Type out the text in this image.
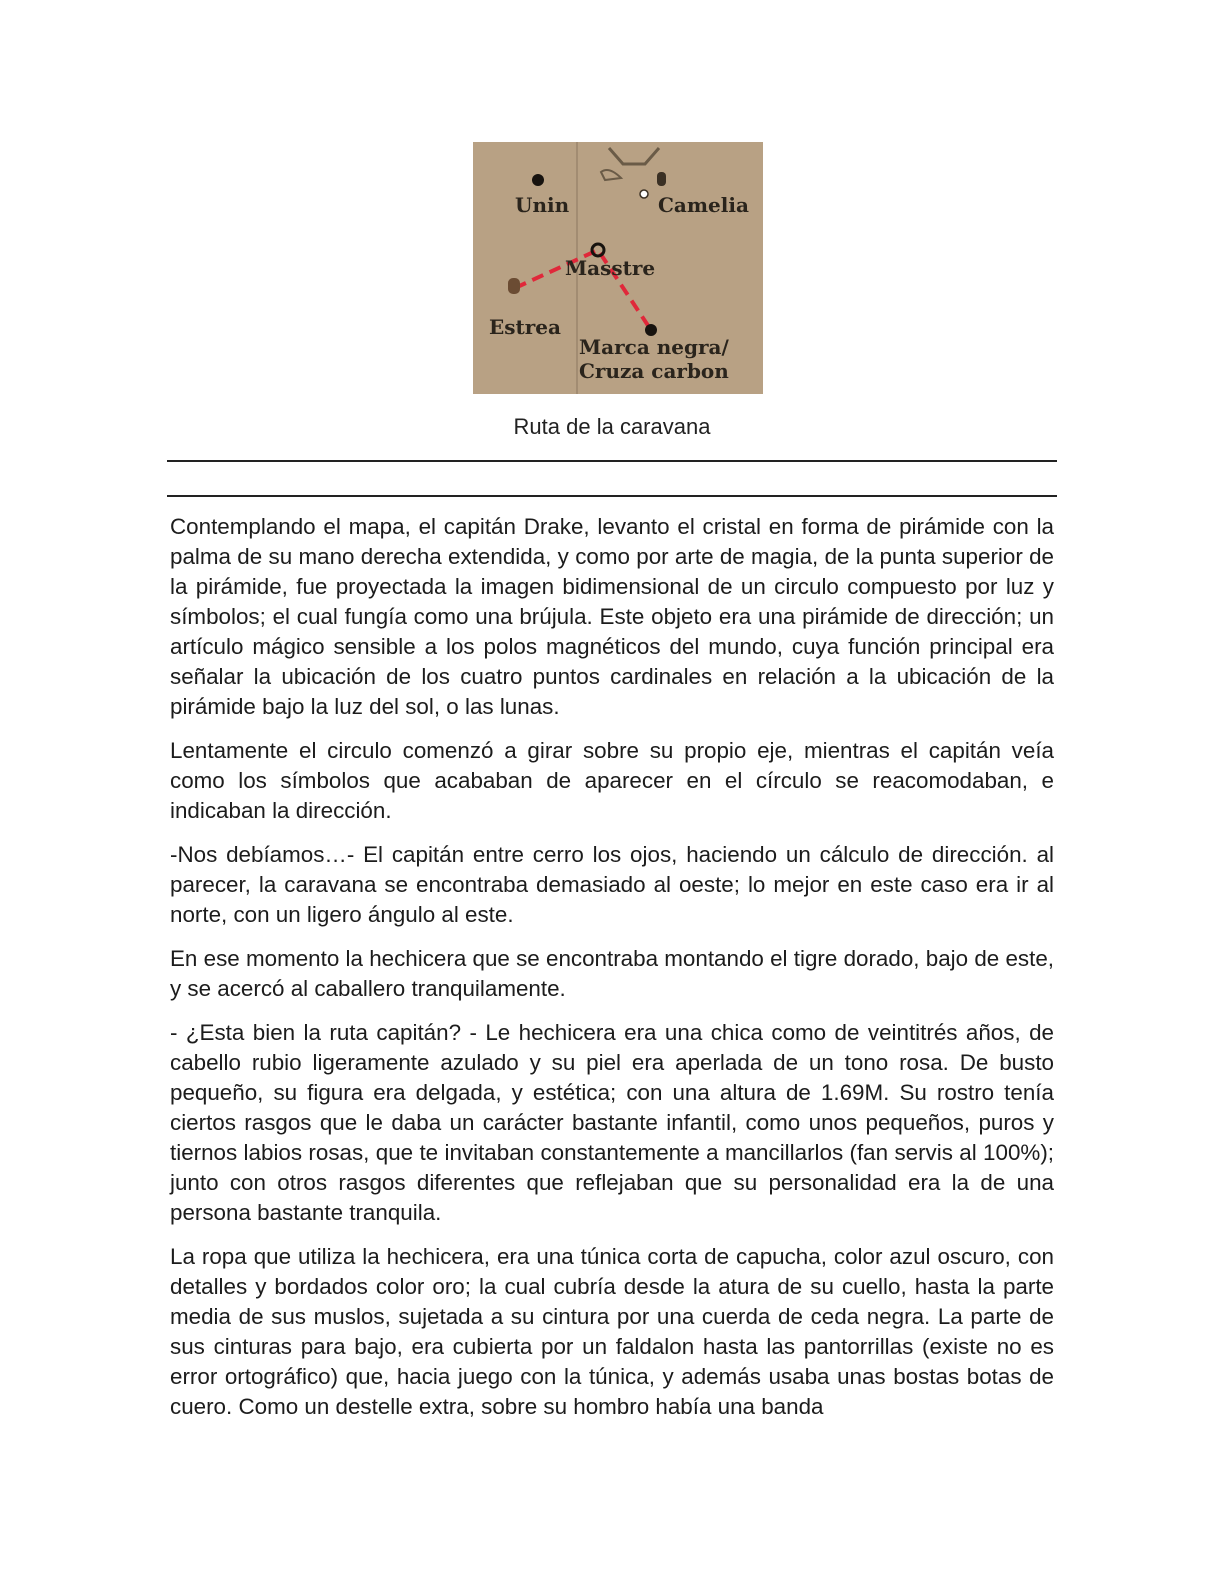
Unin	Camelia
Masstre
Estrea
Marca negra/
Cruza carbon
Ruta de la caravana

Contemplando el mapa, el capitán Drake, levanto el cristal en forma de pirámide con la palma de su mano derecha extendida, y como por arte de magia, de la punta superior de la pirámide, fue proyectada la imagen bidimensional de un circulo compuesto por luz y símbolos; el cual fungía como una brújula. Este objeto era una pirámide de dirección; un artículo mágico sensible a los polos magnéticos del mundo, cuya función principal era señalar la ubicación de los cuatro puntos cardinales en relación a la ubicación de la pirámide bajo la luz del sol, o las lunas.

Lentamente el circulo comenzó a girar sobre su propio eje, mientras el capitán veía como los símbolos que acababan de aparecer en el círculo se reacomodaban, e indicaban la dirección.

-Nos debíamos…- El capitán entre cerro los ojos, haciendo un cálculo de dirección. al parecer, la caravana se encontraba demasiado al oeste; lo mejor en este caso era ir al norte, con un ligero ángulo al este.

En ese momento la hechicera que se encontraba montando el tigre dorado, bajo de este, y se acercó al caballero tranquilamente.

- ¿Esta bien la ruta capitán? - Le hechicera era una chica como de veintitrés años, de cabello rubio ligeramente azulado y su piel era aperlada de un tono rosa. De busto pequeño, su figura era delgada, y estética; con una altura de 1.69M. Su rostro tenía ciertos rasgos que le daba un carácter bastante infantil, como unos pequeños, puros y tiernos labios rosas, que te invitaban constantemente a mancillarlos (fan servis al 100%); junto con otros rasgos diferentes que reflejaban que su personalidad era la de una persona bastante tranquila.

La ropa que utiliza la hechicera, era una túnica corta de capucha, color azul oscuro, con detalles y bordados color oro; la cual cubría desde la atura de su cuello, hasta la parte media de sus muslos, sujetada a su cintura por una cuerda de ceda negra. La parte de sus cinturas para bajo, era cubierta por un faldalon hasta las pantorrillas (existe no es error ortográfico) que, hacia juego con la túnica, y además usaba unas bostas botas de cuero. Como un destelle extra, sobre su hombro había una banda
